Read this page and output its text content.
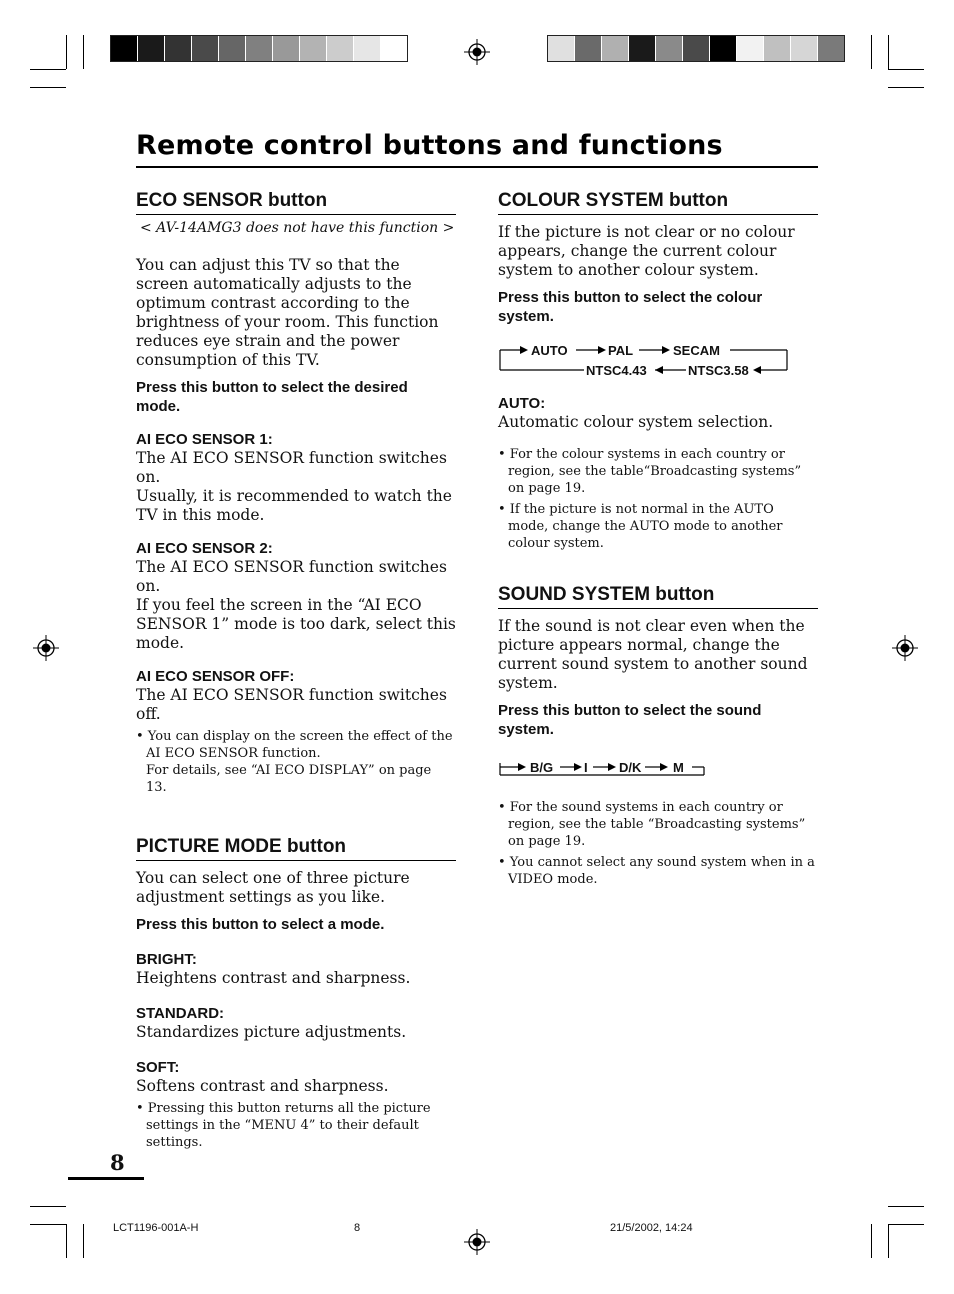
Remote control buttons and functions
ECO SENSOR button

< AV-14AMG3 does not have this function >

You can adjust this TV so that the screen automatically adjusts to the optimum contrast according to the brightness of your room. This function reduces eye strain and the power consumption of this TV.

Press this button to select the desired mode.

AI ECO SENSOR 1:

The AI ECO SENSOR function switches on.

Usually, it is recommended to watch the TV in this mode.

AI ECO SENSOR 2:

The AI ECO SENSOR function switches on.

If you feel the screen in the “AI ECO SENSOR 1” mode is too dark, select this mode.

AI ECO SENSOR OFF:

The AI ECO SENSOR function switches off.

• You can display on the screen the effect of the AI ECO SENSOR function.

For details, see “AI ECO DISPLAY” on page 13.

PICTURE MODE button

You can select one of three picture adjustment settings as you like.

Press this button to select a mode.

BRIGHT:

Heightens contrast and sharpness.

STANDARD:

Standardizes picture adjustments.

SOFT:

Softens contrast and sharpness.

• Pressing this button returns all the picture settings in the “MENU 4” to their default settings.

COLOUR SYSTEM button

If the picture is not clear or no colour appears, change the current colour system to another colour system.

Press this button to select the colour system.

AUTO	PAL	SECAM
NTSC4.43	NTSC3.58

AUTO:

Automatic colour system selection.

• For the colour systems in each country or region, see the table“Broadcasting systems” on page 19.

• If the picture is not normal in the AUTO mode, change the AUTO mode to another colour system.

SOUND SYSTEM button

If the sound is not clear even when the picture appears normal, change the current sound system to another sound system.

Press this button to select the sound system.

B/G I D/K M

• For the sound systems in each country or region, see the table “Broadcasting systems” on page 19.

• You cannot select any sound system when in a VIDEO mode.

8
LCT1196-001A-H	8	21/5/2002, 14:24
